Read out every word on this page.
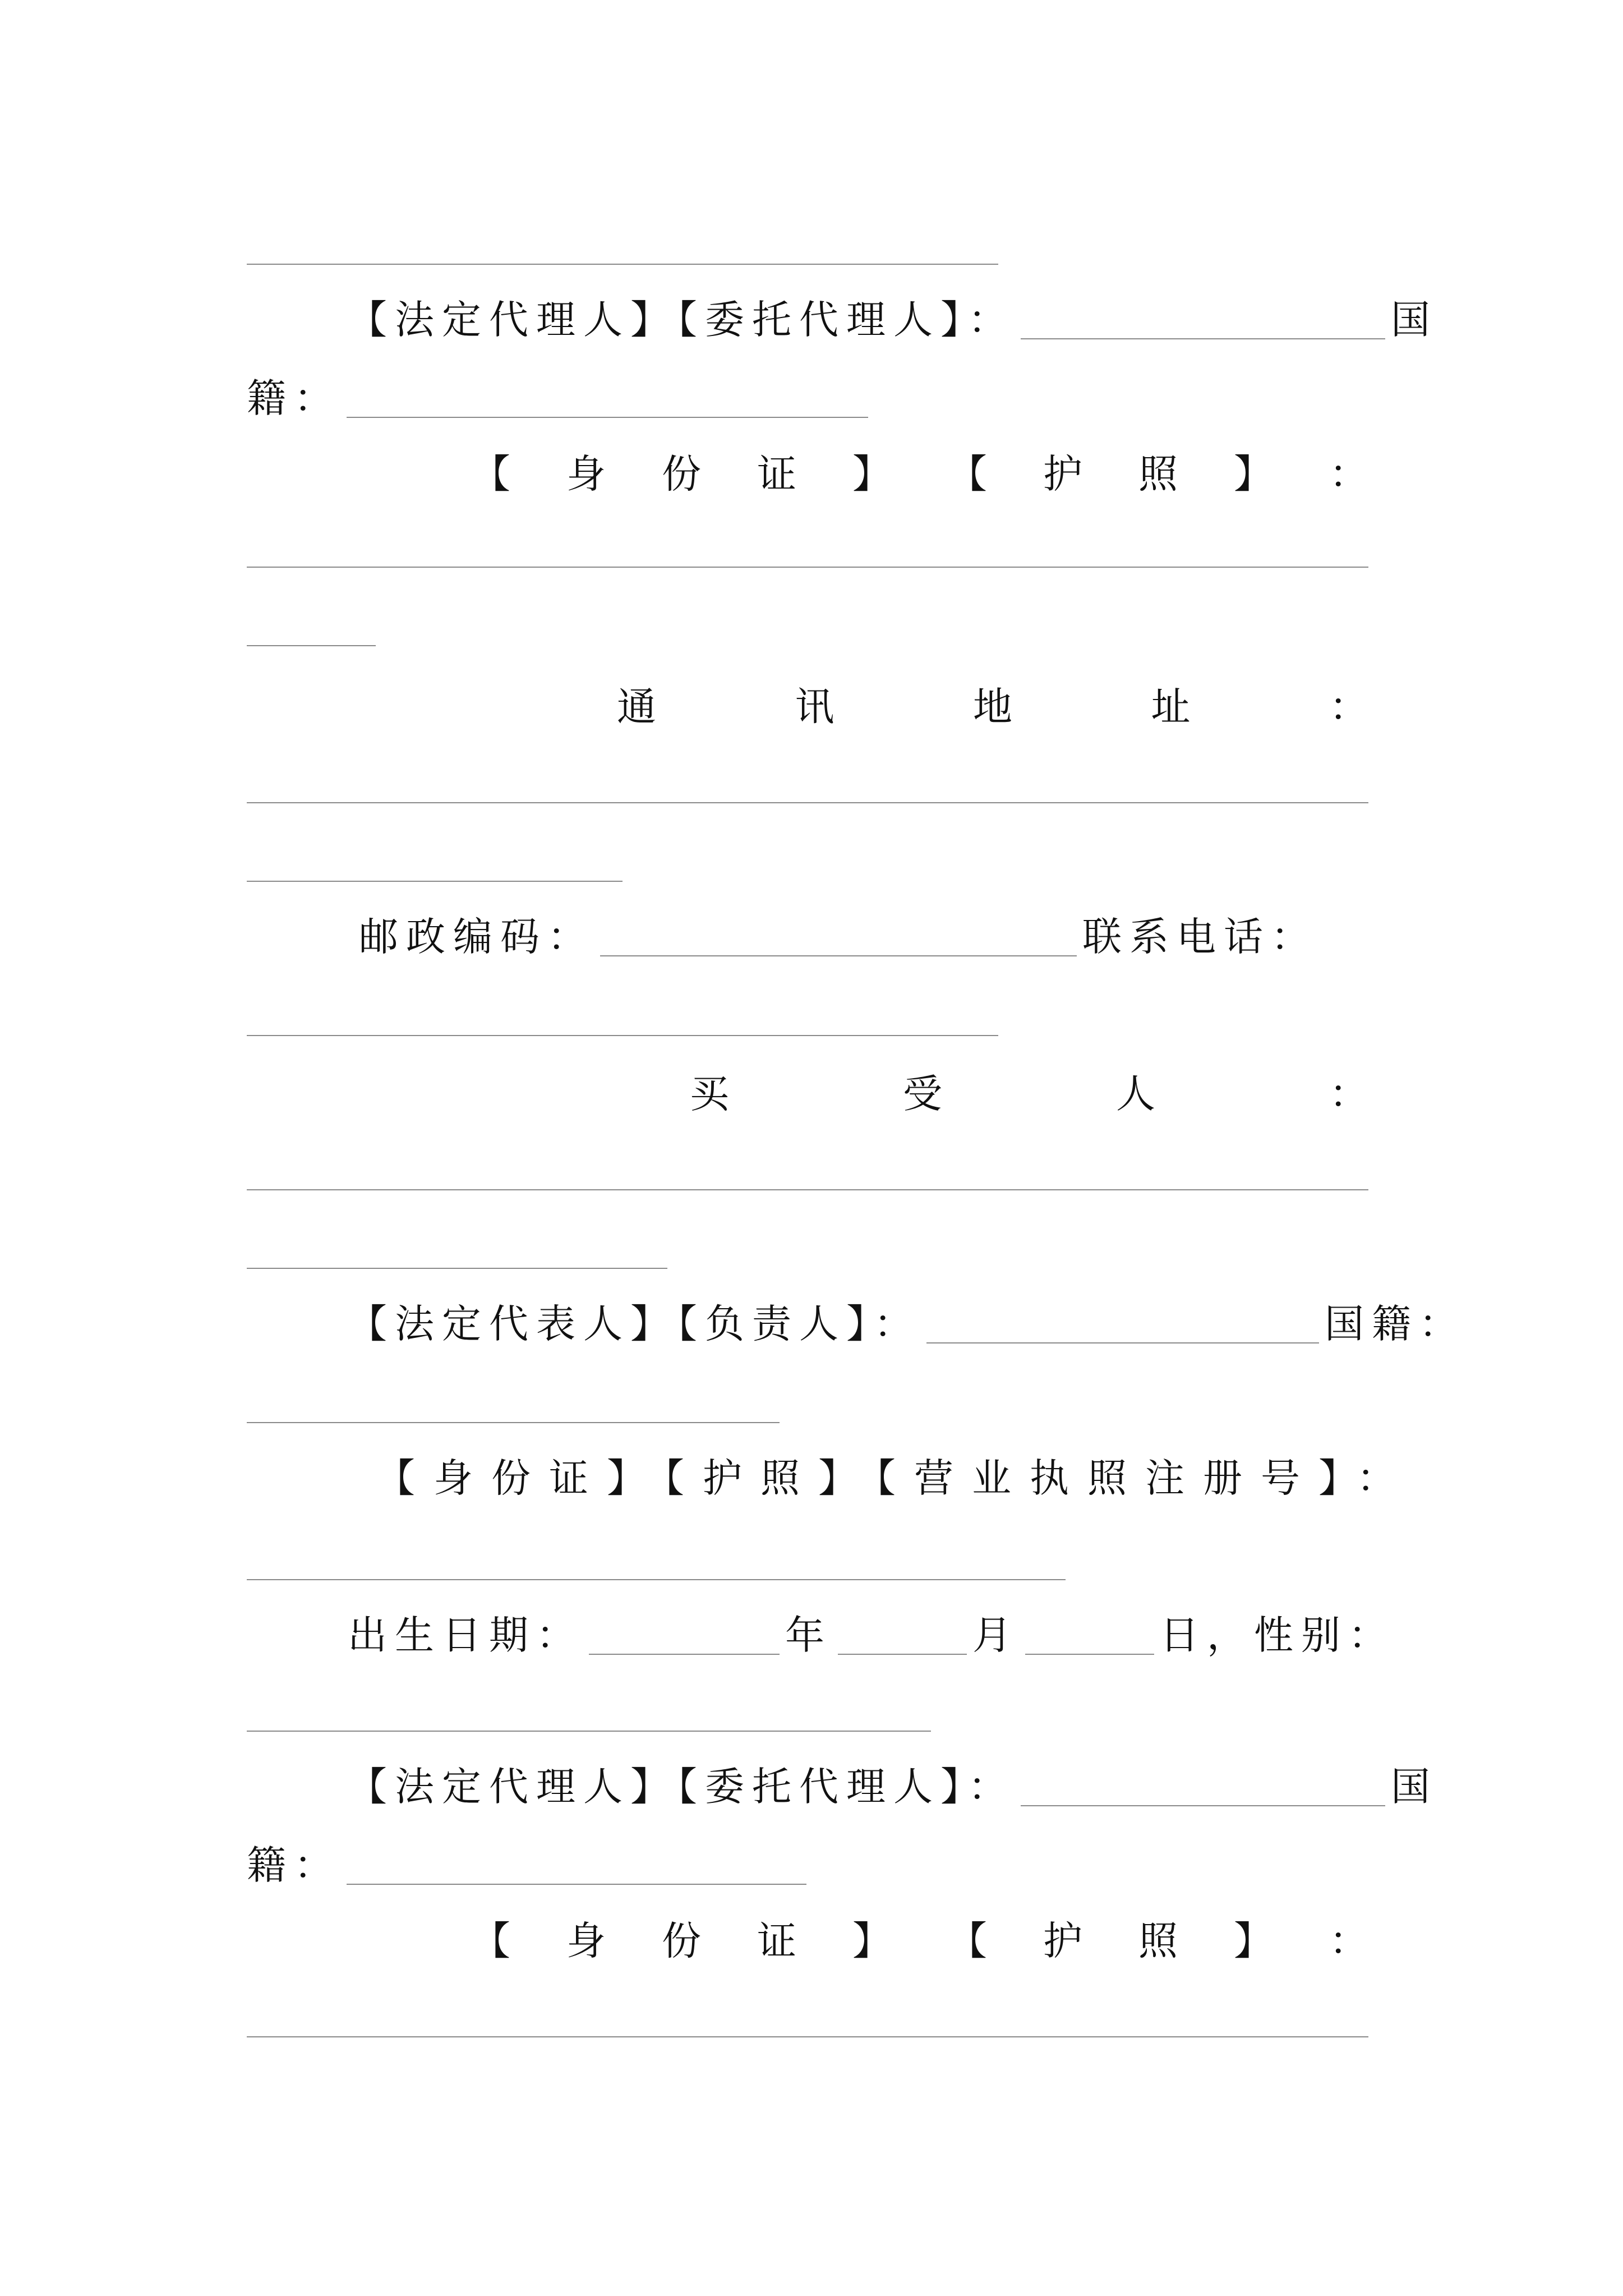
【法定代理人】【委托代理人】：	国
籍：
【 身 份 证 】 【 护 照 】 ：
通	讯	地	址	：
邮政编码：	联系电话：
买	受	人	：
【法定代表人】【负责人】：	国籍：
【身份证】【护照】【营业执照注册号】：
出生日期：	年	月	日，性别：
【法定代理人】【委托代理人】：	国
籍：
【 身 份 证 】 【 护 照 】 ：
